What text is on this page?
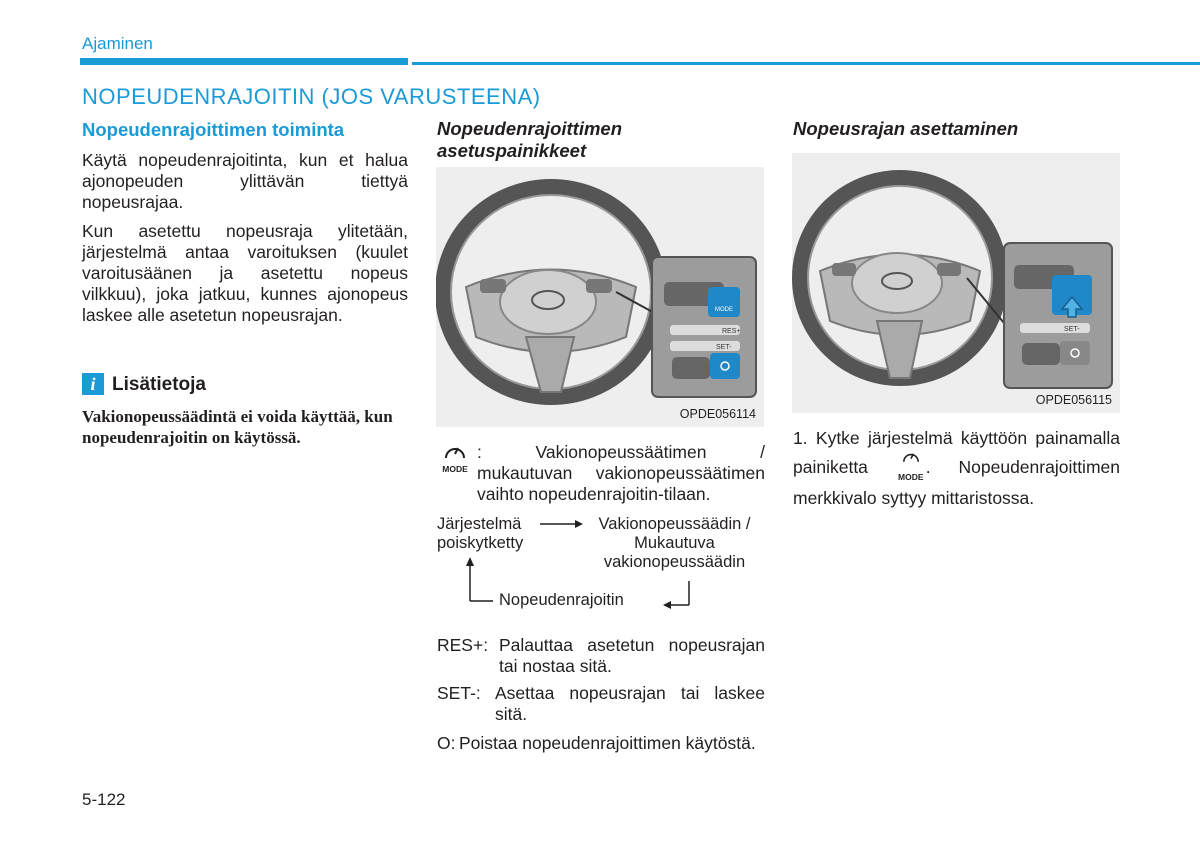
Ajaminen
NOPEUDENRAJOITIN (JOS VARUSTEENA)
Nopeudenrajoittimen toiminta

Käytä nopeudenrajoitinta, kun et halua ajonopeuden ylittävän tiettyä nopeusrajaa.

Kun asetettu nopeusraja ylitetään, järjestelmä antaa varoituksen (kuulet varoitusäänen ja asetettu nopeus vilkkuu), joka jatkuu, kunnes ajonopeus laskee alle asetetun nopeusrajan.

i Lisätietoja
Vakionopeussäädintä ei voida käyttää, kun nopeudenrajoitin on käytössä.
Nopeudenrajoittimen asetuspainikkeet
MODE
RES+
SET-
OPDE056114
MODE
: Vakionopeussäätimen / mukautuvan vakionopeussäätimen vaihto nopeudenrajoitin-tilaan.
Järjestelmä
poiskytketty
Vakionopeussäädin /
Mukautuva
vakionopeussäädin
Nopeudenrajoitin
RES+: Palauttaa asetetun nopeusrajan tai nostaa sitä.
SET-: Asettaa nopeusrajan tai laskee sitä.
O: Poistaa nopeudenrajoittimen käytöstä.
Nopeusrajan asettaminen
SET-
OPDE056115
1. Kytke järjestelmä käyttöön painamalla painiketta	MODE . Nopeudenrajoittimen merkkivalo syttyy mittaristossa.
5-122
